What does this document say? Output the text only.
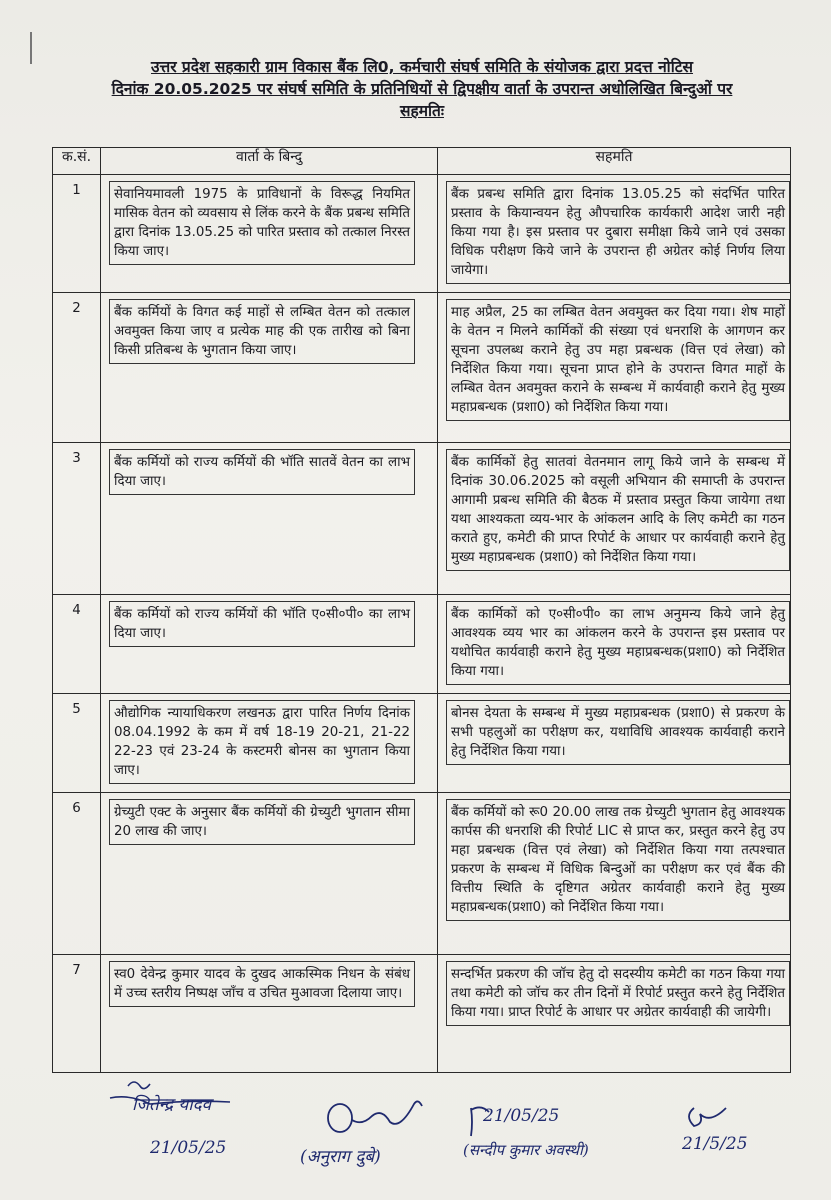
उत्तर प्रदेश सहकारी ग्राम विकास बैंक लि0, कर्मचारी संघर्ष समिति के संयोजक द्वारा प्रदत्त नोटिस
दिनांक 20.05.2025 पर संघर्ष समिति के प्रतिनिधियों से द्विपक्षीय वार्ता के उपरान्त अधोलिखित बिन्दुओं पर
सहमतिः
क.सं.	वार्ता के बिन्दु	सहमति
1	सेवानियमावली 1975 के प्राविधानों के विरूद्ध नियमित मासिक वेतन को व्यवसाय से लिंक करने के बैंक प्रबन्ध समिति द्वारा दिनांक 13.05.25 को पारित प्रस्ताव को तत्काल निरस्त किया जाए।	बैंक प्रबन्ध समिति द्वारा दिनांक 13.05.25 को संदर्भित पारित प्रस्ताव के कियान्वयन हेतु औपचारिक कार्यकारी आदेश जारी नही किया गया है। इस प्रस्ताव पर दुबारा समीक्षा किये जाने एवं उसका विधिक परीक्षण किये जाने के उपरान्त ही अग्रेतर कोई निर्णय लिया जायेगा।

2	बैंक कर्मियों के विगत कई माहों से लम्बित वेतन को तत्काल अवमुक्त किया जाए व प्रत्येक माह की एक तारीख को बिना किसी प्रतिबन्ध के भुगतान किया जाए।	माह अप्रैल, 25 का लम्बित वेतन अवमुक्त कर दिया गया। शेष माहों के वेतन न मिलने कार्मिकों की संख्या एवं धनराशि के आगणन कर सूचना उपलब्ध कराने हेतु उप महा प्रबन्धक (वित्त एवं लेखा) को निर्देशित किया गया। सूचना प्राप्त होने के उपरान्त विगत माहों के लम्बित वेतन अवमुक्त कराने के सम्बन्ध में कार्यवाही कराने हेतु मुख्य महाप्रबन्धक (प्रशा0) को निर्देशित किया गया।

3	बैंक कर्मियों को राज्य कर्मियों की भॉति सातवें वेतन का लाभ दिया जाए।	बैंक कार्मिकों हेतु सातवां वेतनमान लागू किये जाने के सम्बन्ध में दिनांक 30.06.2025 को वसूली अभियान की समाप्ती के उपरान्त आगामी प्रबन्ध समिति की बैठक में प्रस्ताव प्रस्तुत किया जायेगा तथा यथा आश्यकता व्यय-भार के आंकलन आदि के लिए कमेटी का गठन कराते हुए, कमेटी की प्राप्त रिपोर्ट के आधार पर कार्यवाही कराने हेतु मुख्य महाप्रबन्धक (प्रशा0) को निर्देशित किया गया।

4	बैंक कर्मियों को राज्य कर्मियों की भॉति ए०सी०पी० का लाभ दिया जाए।	बैंक कार्मिकों को ए०सी०पी० का लाभ अनुमन्य किये जाने हेतु आवश्यक व्यय भार का आंकलन करने के उपरान्त इस प्रस्ताव पर यथोचित कार्यवाही कराने हेतु मुख्य महाप्रबन्धक(प्रशा0) को निर्देशित किया गया।

5	औद्योगिक न्यायाधिकरण लखनऊ द्वारा पारित निर्णय दिनांक 08.04.1992 के कम में वर्ष 18-19 20-21, 21-22 22-23 एवं 23-24 के कस्टमरी बोनस का भुगतान किया जाए।	बोनस देयता के सम्बन्ध में मुख्य महाप्रबन्धक (प्रशा0) से प्रकरण के सभी पहलुओं का परीक्षण कर, यथाविधि आवश्यक कार्यवाही कराने हेतु निर्देशित किया गया।

6	ग्रेच्युटी एक्ट के अनुसार बैंक कर्मियों की ग्रेच्युटी भुगतान सीमा 20 लाख की जाए।	बैंक कर्मियों को रू0 20.00 लाख तक ग्रेच्युटी भुगतान हेतु आवश्यक कार्पस की धनराशि की रिपोर्ट LIC से प्राप्त कर, प्रस्तुत करने हेतु उप महा प्रबन्धक (वित्त एवं लेखा) को निर्देशित किया गया तत्पश्चात प्रकरण के सम्बन्ध में विधिक बिन्दुओं का परीक्षण कर एवं बैंक की वित्तीय स्थिति के दृष्टिगत अग्रेतर कार्यवाही कराने हेतु मुख्य महाप्रबन्धक(प्रशा0) को निर्देशित किया गया।

7	स्व0 देवेन्द्र कुमार यादव के दुखद आकस्मिक निधन के संबंध में उच्च स्तरीय निष्पक्ष जाँच व उचित मुआवजा दिलाया जाए।	सन्दर्भित प्रकरण की जॉच हेतु दो सदस्यीय कमेटी का गठन किया गया तथा कमेटी को जॉच कर तीन दिनों में रिपोर्ट प्रस्तुत करने हेतु निर्देशित किया गया। प्राप्त रिपोर्ट के आधार पर अग्रेतर कार्यवाही की जायेगी।
जितेन्द्र यादव
21/05/25	(अनुराग दुबे)
21/05/25
(सन्दीप कुमार अवस्थी)	21/5/25
